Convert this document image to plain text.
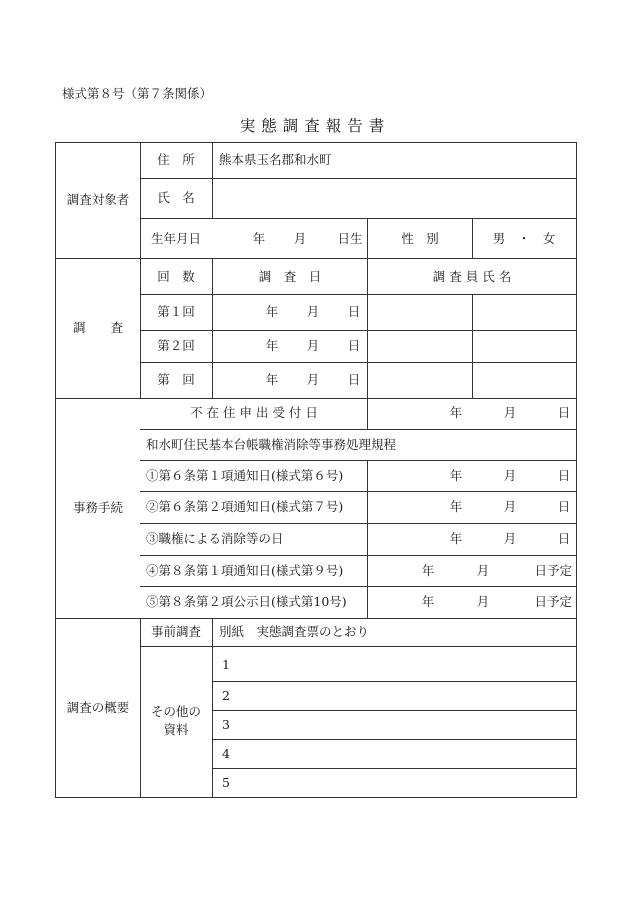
様式第８号（第７条関係）
実態調査報告書
調査対象者
住　所 熊本県玉名郡和水町
氏　名
生年月日	年 月 日生	性　別	男　・　女
調　　査
回　数	調　査　日	調 査 員 氏 名
第１回	年 月 日
第２回	年 月 日
第　回	年 月 日
事務手続
不 在 住 申 出 受 付 日	年	月	日
和水町住民基本台帳職権消除等事務処理規程
①第６条第１項通知日(様式第６号)	年	月	日
②第６条第２項通知日(様式第７号)	年	月	日
③職権による消除等の日	年	月	日
④第８条第１項通知日(様式第９号)	年	月	日予定
⑤第８条第２項公示日(様式第10号)	年	月	日予定
調査の概要
事前調査 別紙　実態調査票のとおり
その他の
資料
1
2
3
4
5
